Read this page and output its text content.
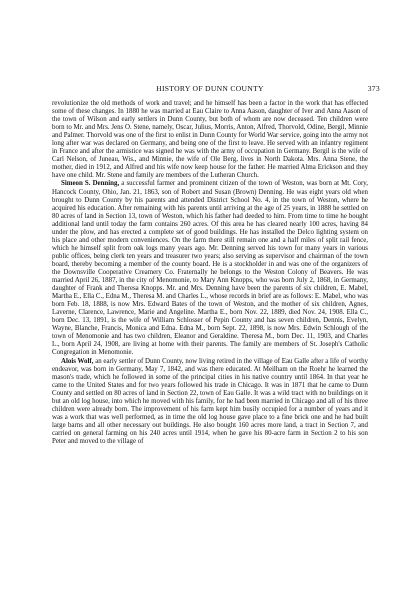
HISTORY OF DUNN COUNTY	373

revolutionize the old methods of work and travel; and he himself has been a factor in the work that has effected some of these changes. In 1880 he was married at Eau Claire to Anna Aason, daughter of Iver and Anna Aason of the town of Wilson and early settlers in Dunn County, but both of whom are now deceased. Ten children were born to Mr. and Mrs. Jens O. Stene, namely, Oscar, Julius, Morris, Anton, Alfred, Thorvold, Odine, Bergil, Minnie and Palmer. Thorvold was one of the first to enlist in Dunn County for World War service, going into the army not long after war was declared on Germany, and being one of the first to leave. He served with an infantry regiment in France and after the armistice was signed he was with the army of occupation in Germany. Bergil is the wife of Carl Nelson, of Juneau, Wis., and Minnie, the wife of Ole Berg, lives in North Dakota. Mrs. Anna Stene, the mother, died in 1912, and Alfred and his wife now keep house for the father. He married Alma Erickson and they have one child. Mr. Stene and family are members of the Lutheran Church.

Simeon S. Denning, a successful farmer and prominent citizen of the town of Weston, was born at Mt. Cory, Hancock County, Ohio, Jan. 21, 1863, son of Robert and Susan (Brown) Denning. He was eight years old when brought to Dunn County by his parents and attended District School No. 4, in the town of Weston, where he acquired his education. After remaining with his parents until arriving at the age of 25 years, in 1888 he settled on 80 acres of land in Section 13, town of Weston, which his father had deeded to him. From time to time he bought additional land until today the farm contains 260 acres. Of this area he has cleared nearly 100 acres, having 84 under the plow, and has erected a complete set of good buildings. He has installed the Delco lighting system on his place and other modern conveniences. On the farm there still remain one and a half miles of split rail fence, which he himself split from oak logs many years ago. Mr. Denning served his town for many years in various public offices, being clerk ten years and treasurer two years; also serving as supervisor and chairman of the town board, thereby becoming a member of the county board. He is a stockholder in and was one of the organizers of the Downsville Cooperative Creamery Co. Fraternally he belongs to the Weston Colony of Beavers. He was married April 26, 1887, in the city of Menomonie, to Mary Ann Knopps, who was born July 2, 1868, in Germany, daughter of Frank and Theresa Knopps. Mr. and Mrs. Denning have been the parents of six children, E. Mabel, Martha E., Ella C., Edna M., Theresa M. and Charles L., whose records in brief are as follows: E. Mabel, who was born Feb. 18, 1888, is now Mrs. Edward Bates of the town of Weston, and the mother of six children, Agnes, Laverne, Clarence, Lawrence, Marie and Angeline. Martha E., born Nov. 22, 1889, died Nov. 24, 1908. Ella C., born Dec. 13, 1891, is the wife of William Schlosser of Pepin County and has seven children, Dennis, Evelyn, Wayne, Blanche, Francis, Monica and Edna. Edna M., born Sept. 22, 1898, is now Mrs. Edwin Schlough of the town of Menomonie and has two children, Eleanor and Geraldine. Theresa M., born Dec. 11, 1903, and Charles L., born April 24, 1908, are living at home with their parents. The family are members of St. Joseph's Catholic Congregation in Menomonie.

Alois Wolf, an early settler of Dunn County, now living retired in the village of Eau Galle after a life of worthy endeavor, was born in Germany, May 7, 1842, and was there educated. At Meilham on the Roehr he learned the mason's trade, which he followed in some of the principal cities in his native country until 1864. In that year he came to the United States and for two years followed his trade in Chicago. It was in 1871 that he came to Dunn County and settled on 80 acres of land in Section 22, town of Eau Galle. It was a wild tract with no buildings on it but an old log house, into which he moved with his family, for he had been married in Chicago and all of his three children were already born. The improvement of his farm kept him busily occupied for a number of years and it was a work that was well performed, as in time the old log house gave place to a fine brick one and he had built large barns and all other necessary out buildings. He also bought 160 acres more land, a tract in Section 7, and carried on general farming on his 240 acres until 1914, when he gave his 80-acre farm in Section 2 to his son Peter and moved to the village of
